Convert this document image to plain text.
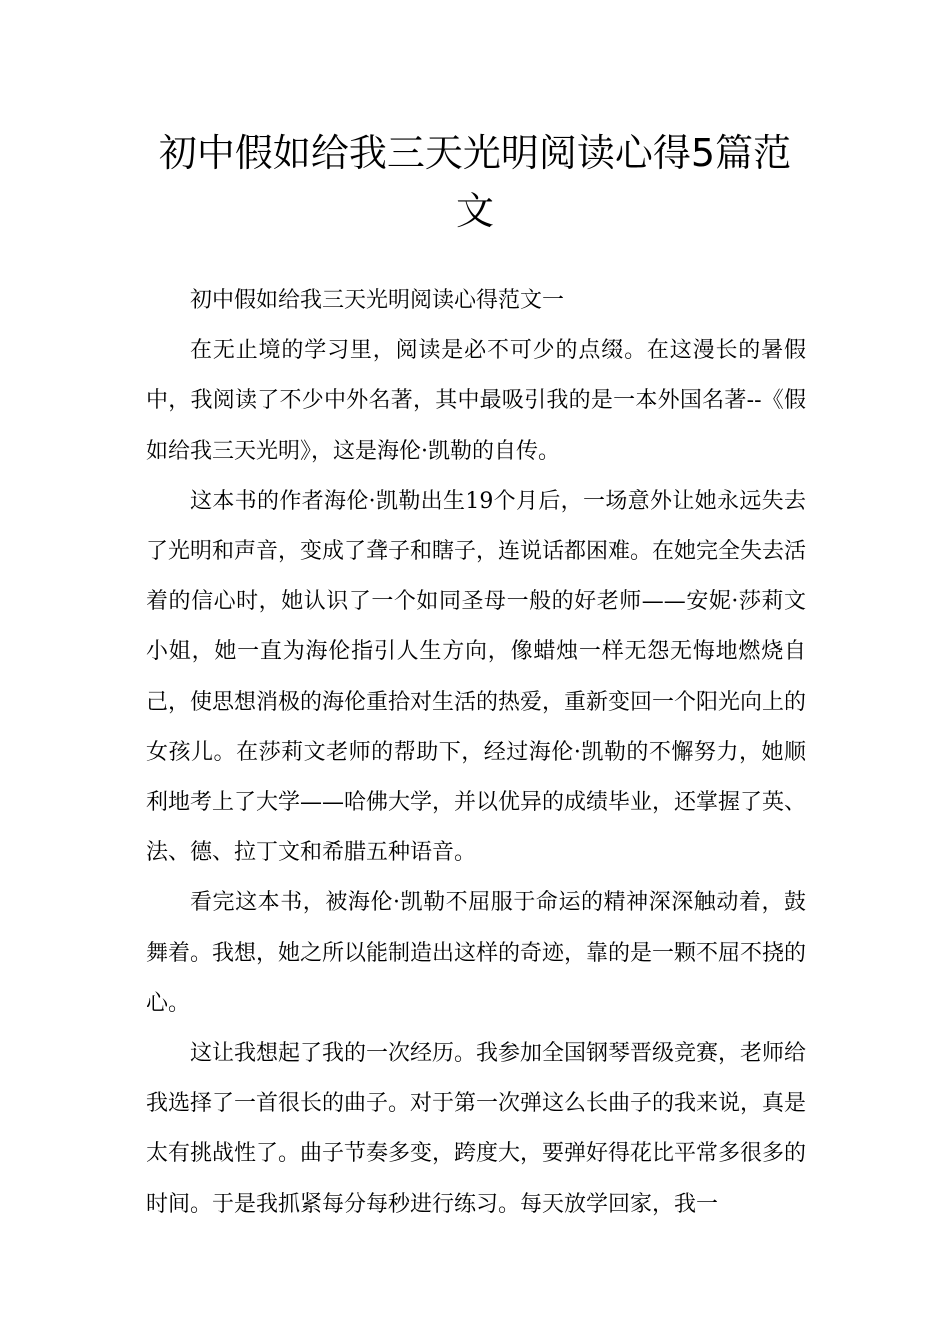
初中假如给我三天光明阅读心得5篇范文

初中假如给我三天光明阅读心得范文一

在无止境的学习里，阅读是必不可少的点缀。在这漫长的暑假中，我阅读了不少中外名著，其中最吸引我的是一本外国名著--《假如给我三天光明》，这是海伦·凯勒的自传。

这本书的作者海伦·凯勒出生19个月后，一场意外让她永远失去了光明和声音，变成了聋子和瞎子，连说话都困难。在她完全失去活着的信心时，她认识了一个如同圣母一般的好老师——安妮·莎莉文小姐，她一直为海伦指引人生方向，像蜡烛一样无怨无悔地燃烧自己，使思想消极的海伦重拾对生活的热爱，重新变回一个阳光向上的女孩儿。在莎莉文老师的帮助下，经过海伦·凯勒的不懈努力，她顺利地考上了大学——哈佛大学，并以优异的成绩毕业，还掌握了英、法、德、拉丁文和希腊五种语音。

看完这本书，被海伦·凯勒不屈服于命运的精神深深触动着，鼓舞着。我想，她之所以能制造出这样的奇迹，靠的是一颗不屈不挠的心。

这让我想起了我的一次经历。我参加全国钢琴晋级竞赛，老师给我选择了一首很长的曲子。对于第一次弹这么长曲子的我来说，真是太有挑战性了。曲子节奏多变，跨度大，要弹好得花比平常多很多的时间。于是我抓紧每分每秒进行练习。每天放学回家，我一
